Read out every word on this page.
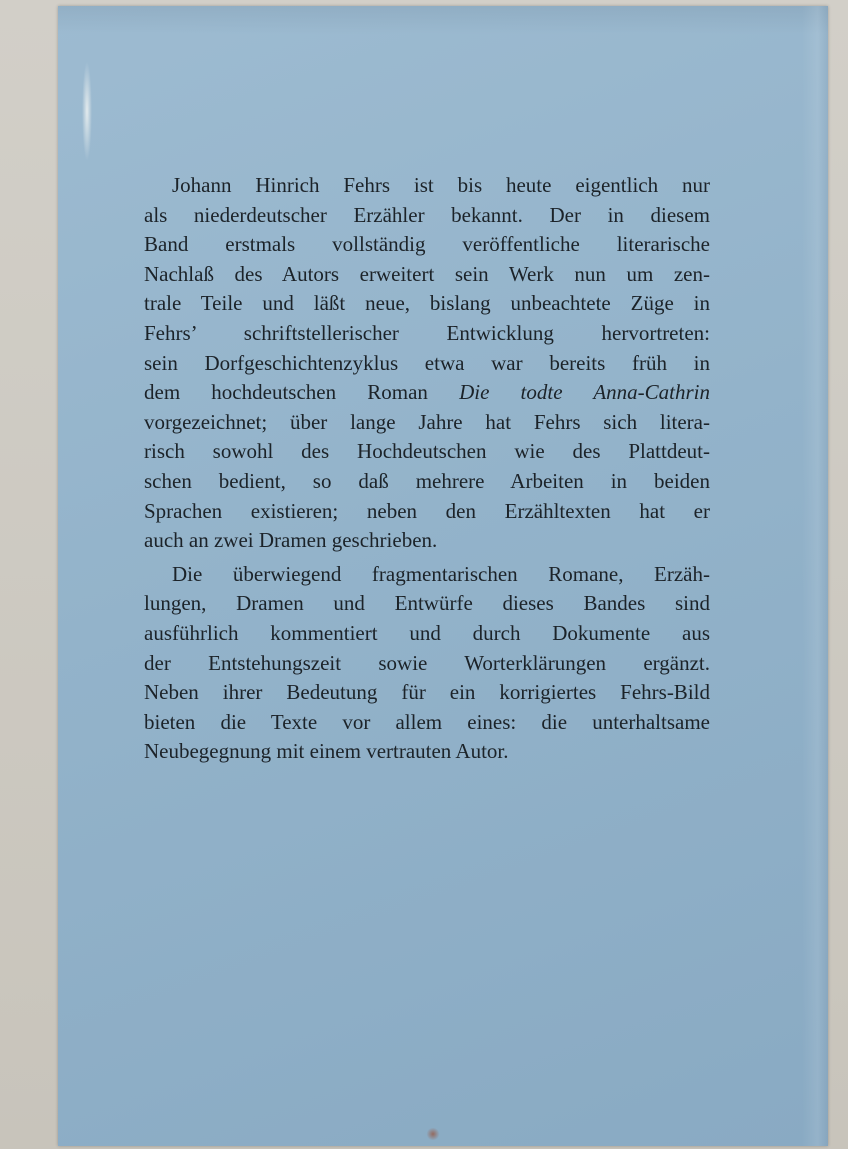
Johann Hinrich Fehrs ist bis heute eigentlich nur
als niederdeutscher Erzähler bekannt. Der in diesem
Band erstmals vollständig veröffentliche literarische
Nachlaß des Autors erweitert sein Werk nun um zen-
trale Teile und läßt neue, bislang unbeachtete Züge in
Fehrs’ schriftstellerischer Entwicklung hervortreten:
sein Dorfgeschichtenzyklus etwa war bereits früh in
dem hochdeutschen Roman Die todte Anna-Cathrin
vorgezeichnet; über lange Jahre hat Fehrs sich litera-
risch sowohl des Hochdeutschen wie des Plattdeut-
schen bedient, so daß mehrere Arbeiten in beiden
Sprachen existieren; neben den Erzähltexten hat er
auch an zwei Dramen geschrieben.

Die überwiegend fragmentarischen Romane, Erzäh-
lungen, Dramen und Entwürfe dieses Bandes sind
ausführlich kommentiert und durch Dokumente aus
der Entstehungszeit sowie Worterklärungen ergänzt.
Neben ihrer Bedeutung für ein korrigiertes Fehrs-Bild
bieten die Texte vor allem eines: die unterhaltsame
Neubegegnung mit einem vertrauten Autor.
